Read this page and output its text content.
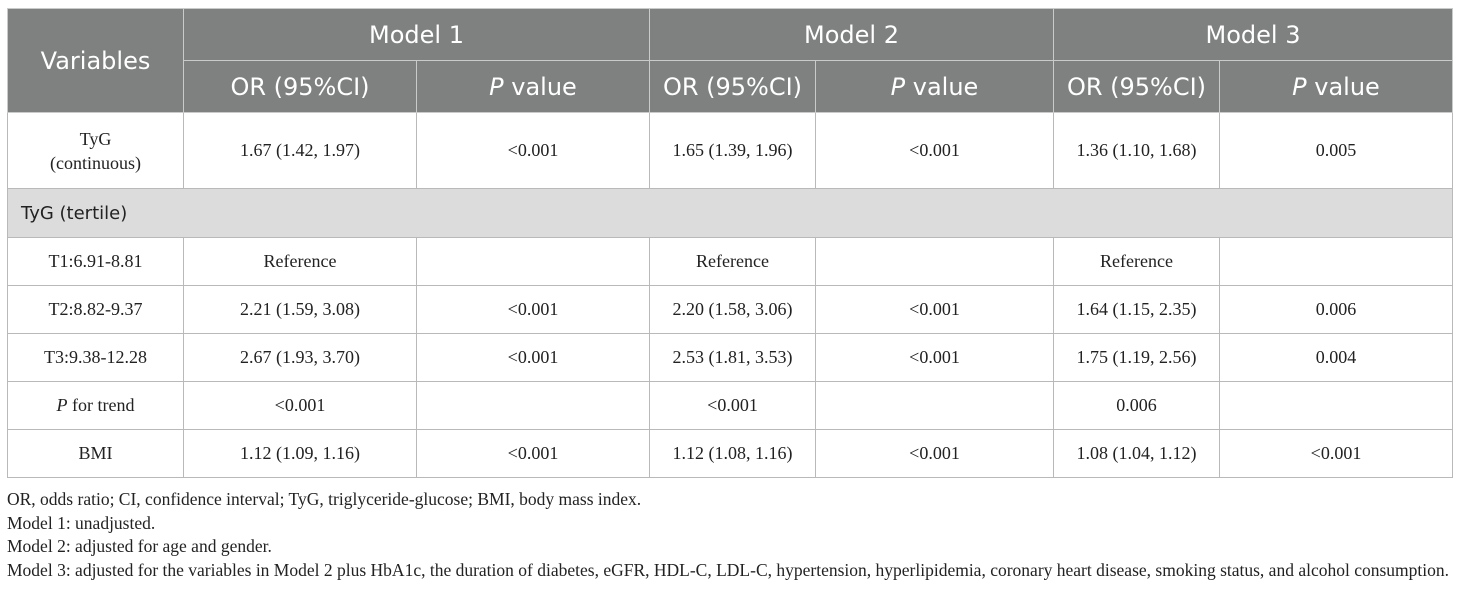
Variables	Model 1		Model 2		Model 3	
	OR (95%CI)	P value	OR (95%CI)	P value	OR (95%CI)	P value

TyG
(continuous)	1.67 (1.42, 1.97)	<0.001	1.65 (1.39, 1.96)	<0.001	1.36 (1.10, 1.68)	0.005
TyG (tertile)						
T1:6.91-8.81	Reference		Reference		Reference	
T2:8.82-9.37	2.21 (1.59, 3.08)	<0.001	2.20 (1.58, 3.06)	<0.001	1.64 (1.15, 2.35)	0.006
T3:9.38-12.28	2.67 (1.93, 3.70)	<0.001	2.53 (1.81, 3.53)	<0.001	1.75 (1.19, 2.56)	0.004
P for trend	<0.001		<0.001		0.006	
BMI	1.12 (1.09, 1.16)	<0.001	1.12 (1.08, 1.16)	<0.001	1.08 (1.04, 1.12)	<0.001

OR, odds ratio; CI, confidence interval; TyG, triglyceride-glucose; BMI, body mass index.

Model 1: unadjusted.

Model 2: adjusted for age and gender.

Model 3: adjusted for the variables in Model 2 plus HbA1c, the duration of diabetes, eGFR, HDL-C, LDL-C, hypertension, hyperlipidemia, coronary heart disease, smoking status, and alcohol consumption.
